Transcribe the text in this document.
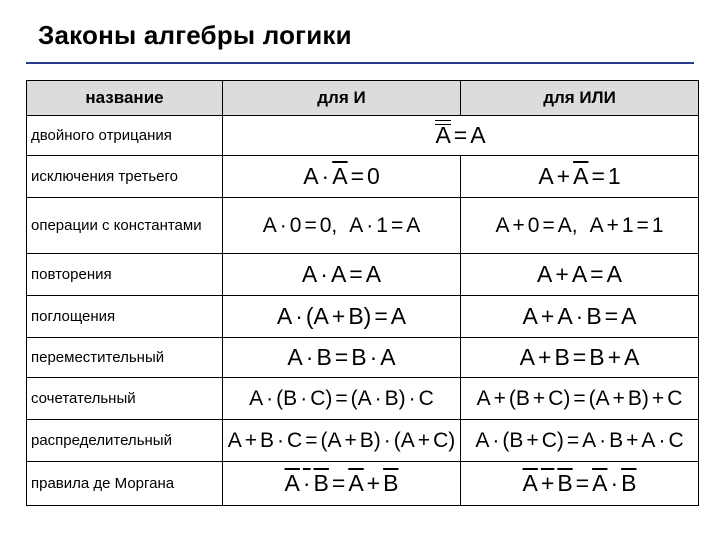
Законы алгебры логики
название	для И	для ИЛИ
двойного отрицания	A = A	
исключения третьего	$A \cdot \overline{A} = 0$	$A + \overline{A} = 1$
операции с константами	A · 0 = 0, A · 1 = A	A + 0 = A, A + 1 = 1
повторения	A · A = A	A + A = A
поглощения	A · (A + B) = A	A + A · B = A
переместительный	A · B = B · A	A + B = B + A
сочетательный	A · (B · C) = (A · B) · C	A + (B + C) = (A + B) + C
распределительный	A + B · C = (A + B) · (A + C)	A · (B + C) = A · B + A · C
правила де Моргана	$A \cdot B = \overline{A} + \overline{B}$	$A + B = \overline{A} \cdot \overline{B}$
